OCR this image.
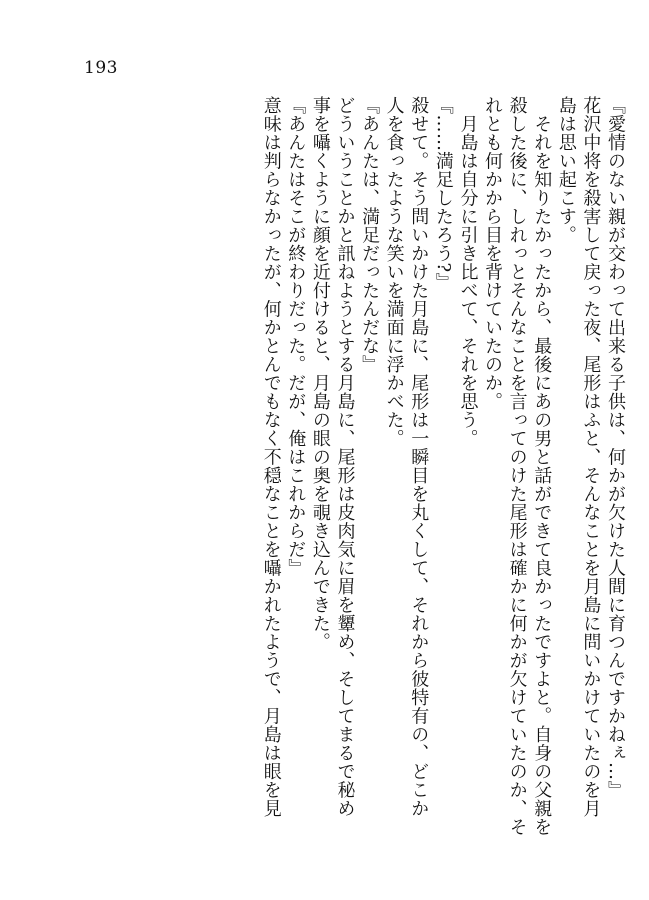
193

『愛情のない親が交わって出来る子供は、何かが欠けた人間に育つんですかねぇ…』

花沢中将を殺害して戻った夜、尾形はふと、そんなことを月島に問いかけていたのを月

島は思い起こす。

　それを知りたかったから、最後にあの男と話ができて良かったですよと。自身の父親を

殺した後に、しれっとそんなことを言ってのけた尾形は確かに何かが欠けていたのか、そ

れとも何かから目を背けていたのか。

　月島は自分に引き比べて、それを思う。

『……満足したろう?』

殺せて。そう問いかけた月島に、尾形は一瞬目を丸くして、それから彼特有の、どこか

人を食ったような笑いを満面に浮かべた。

『あんたは、満足だったんだな』

どういうことかと訊ねようとする月島に、尾形は皮肉気に眉を顰め、そしてまるで秘め

事を囁くように顔を近付けると、月島の眼の奥を覗き込んできた。

『あんたはそこが終わりだった。だが、俺はこれからだ』

意味は判らなかったが、何かとんでもなく不穏なことを囁かれたようで、月島は眼を見
